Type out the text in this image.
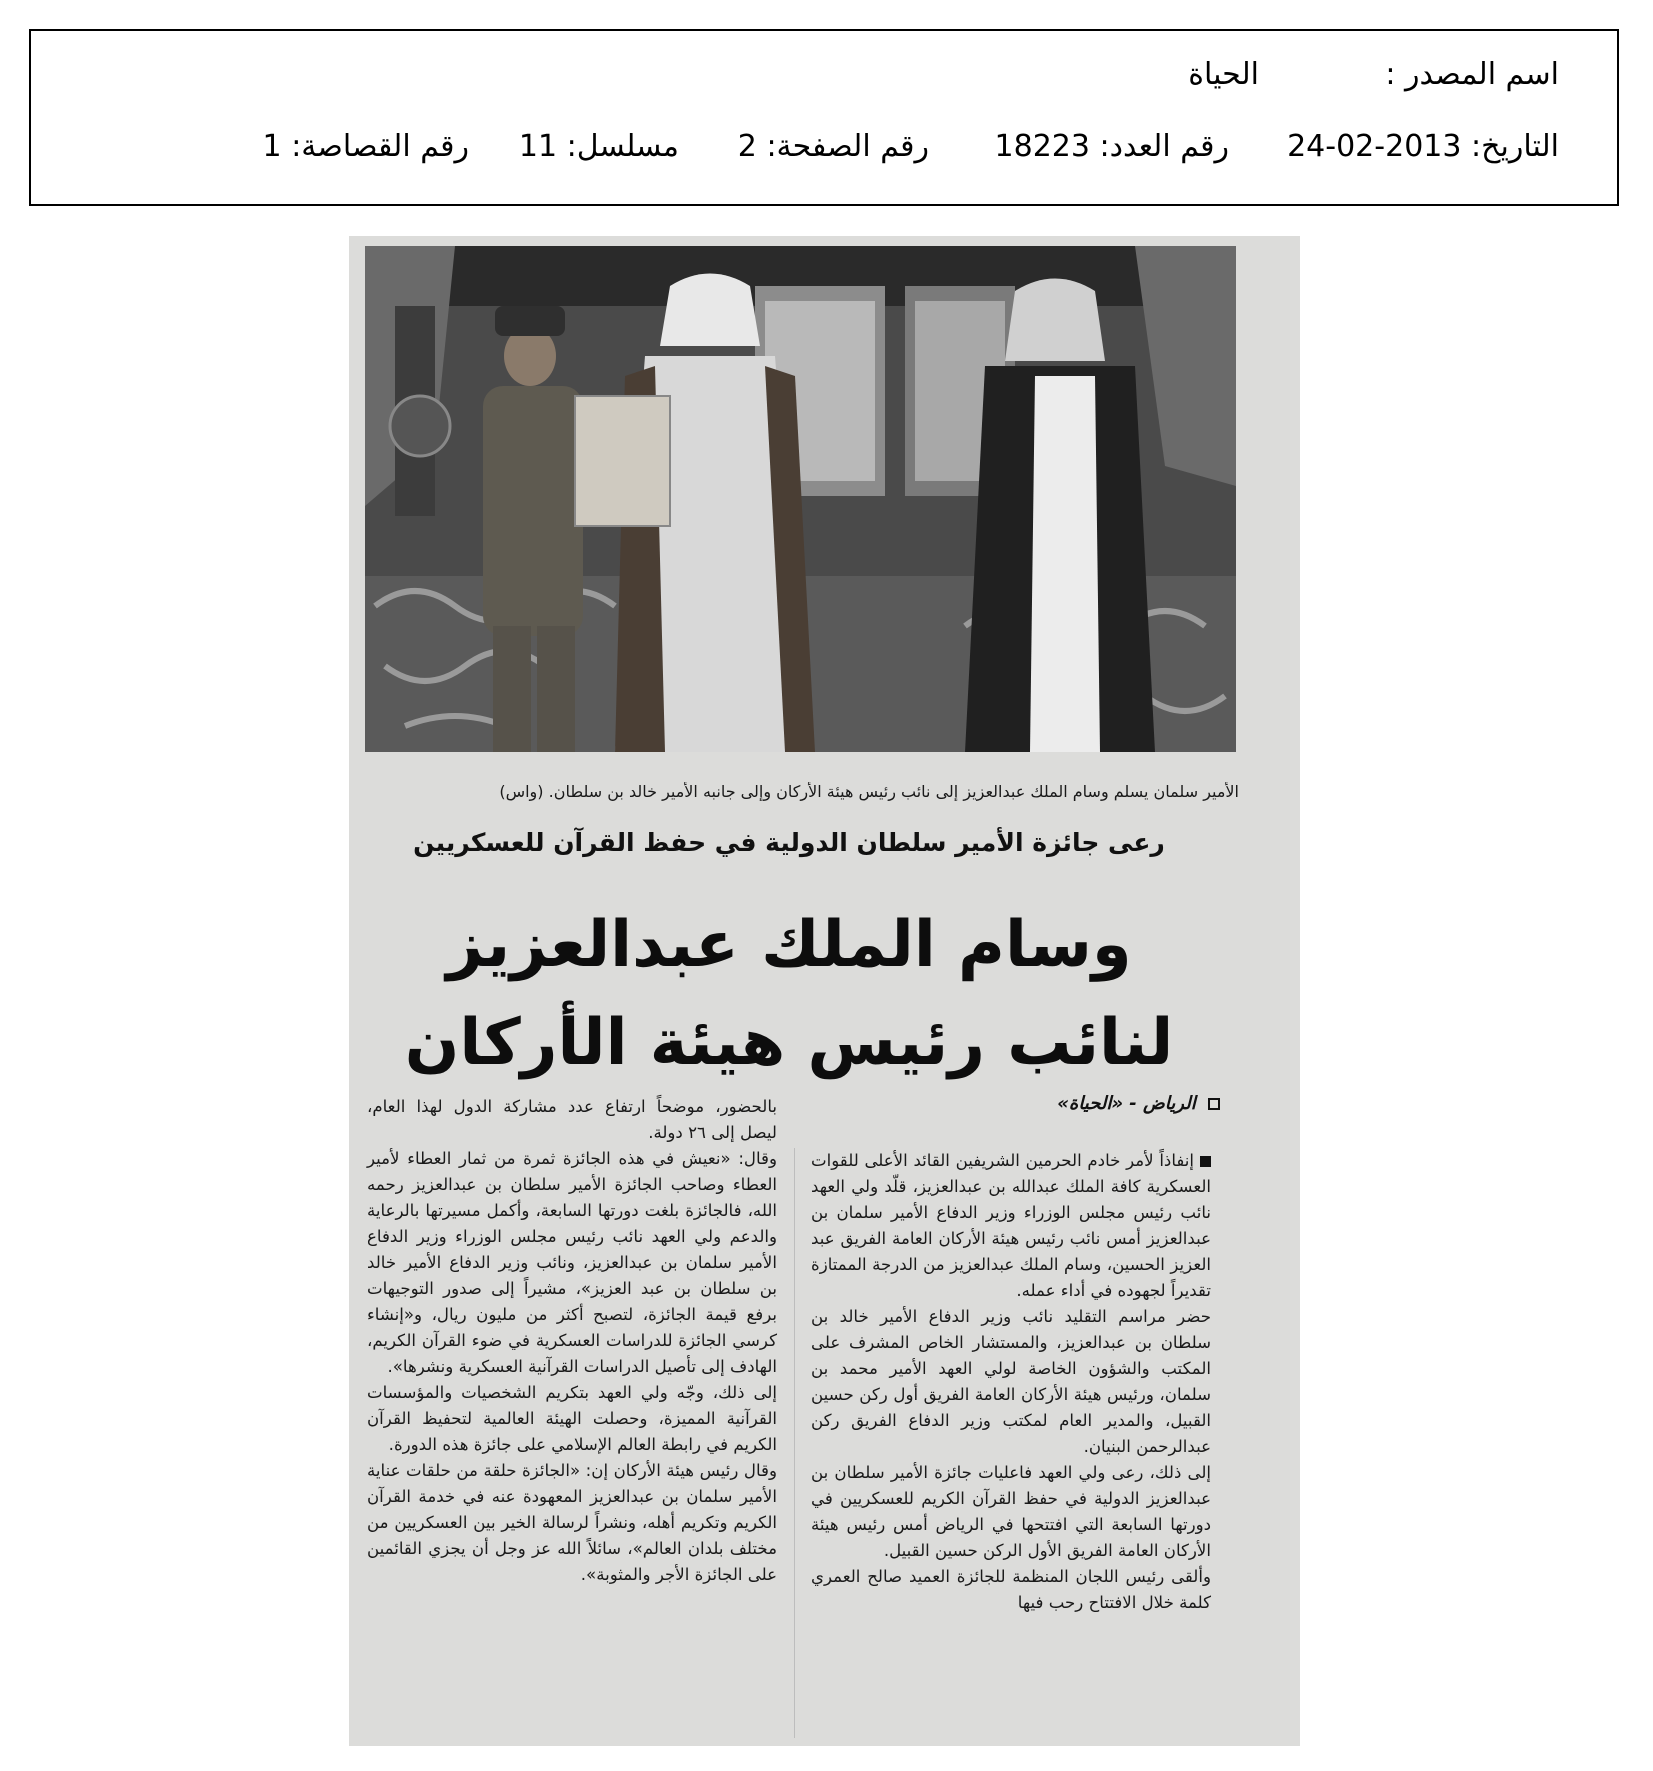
اسم المصدر :
الحياة
التاريخ: 2013-02-24
رقم العدد: 18223
رقم الصفحة: 2
مسلسل: 11
رقم القصاصة: 1
الأمير سلمان يسلم وسام الملك عبدالعزيز إلى نائب رئيس هيئة الأركان وإلى جانبه الأمير خالد بن سلطان. (واس)
رعى جائزة الأمير سلطان الدولية في حفظ القرآن للعسكريين
وسام الملك عبدالعزيز
لنائب رئيس هيئة الأركان
الرياض - «الحياة»

إنفاذاً لأمر خادم الحرمين الشريفين القائد الأعلى للقوات العسكرية كافة الملك عبدالله بن عبدالعزيز، قلّد ولي العهد نائب رئيس مجلس الوزراء وزير الدفاع الأمير سلمان بن عبدالعزيز أمس نائب رئيس هيئة الأركان العامة الفريق عبد العزيز الحسين، وسام الملك عبدالعزيز من الدرجة الممتازة تقديراً لجهوده في أداء عمله.

حضر مراسم التقليد نائب وزير الدفاع الأمير خالد بن سلطان بن عبدالعزيز، والمستشار الخاص المشرف على المكتب والشؤون الخاصة لولي العهد الأمير محمد بن سلمان، ورئيس هيئة الأركان العامة الفريق أول ركن حسين القبيل، والمدير العام لمكتب وزير الدفاع الفريق ركن عبدالرحمن البنيان.

إلى ذلك، رعى ولي العهد فاعليات جائزة الأمير سلطان بن عبدالعزيز الدولية في حفظ القرآن الكريم للعسكريين في دورتها السابعة التي افتتحها في الرياض أمس رئيس هيئة الأركان العامة الفريق الأول الركن حسين القبيل.

وألقى رئيس اللجان المنظمة للجائزة العميد صالح العمري كلمة خلال الافتتاح رحب فيها

بالحضور، موضحاً ارتفاع عدد مشاركة الدول لهذا العام، ليصل إلى ٢٦ دولة.

وقال: «نعيش في هذه الجائزة ثمرة من ثمار العطاء لأمير العطاء وصاحب الجائزة الأمير سلطان بن عبدالعزيز رحمه الله، فالجائزة بلغت دورتها السابعة، وأكمل مسيرتها بالرعاية والدعم ولي العهد نائب رئيس مجلس الوزراء وزير الدفاع الأمير سلمان بن عبدالعزيز، ونائب وزير الدفاع الأمير خالد بن سلطان بن عبد العزيز»، مشيراً إلى صدور التوجيهات برفع قيمة الجائزة، لتصبح أكثر من مليون ريال، و«إنشاء كرسي الجائزة للدراسات العسكرية في ضوء القرآن الكريم، الهادف إلى تأصيل الدراسات القرآنية العسكرية ونشرها».

إلى ذلك، وجّه ولي العهد بتكريم الشخصيات والمؤسسات القرآنية المميزة، وحصلت الهيئة العالمية لتحفيظ القرآن الكريم في رابطة العالم الإسلامي على جائزة هذه الدورة.

وقال رئيس هيئة الأركان إن: «الجائزة حلقة من حلقات عناية الأمير سلمان بن عبدالعزيز المعهودة عنه في خدمة القرآن الكريم وتكريم أهله، ونشراً لرسالة الخير بين العسكريين من مختلف بلدان العالم»، سائلاً الله عز وجل أن يجزي القائمين على الجائزة الأجر والمثوبة».
